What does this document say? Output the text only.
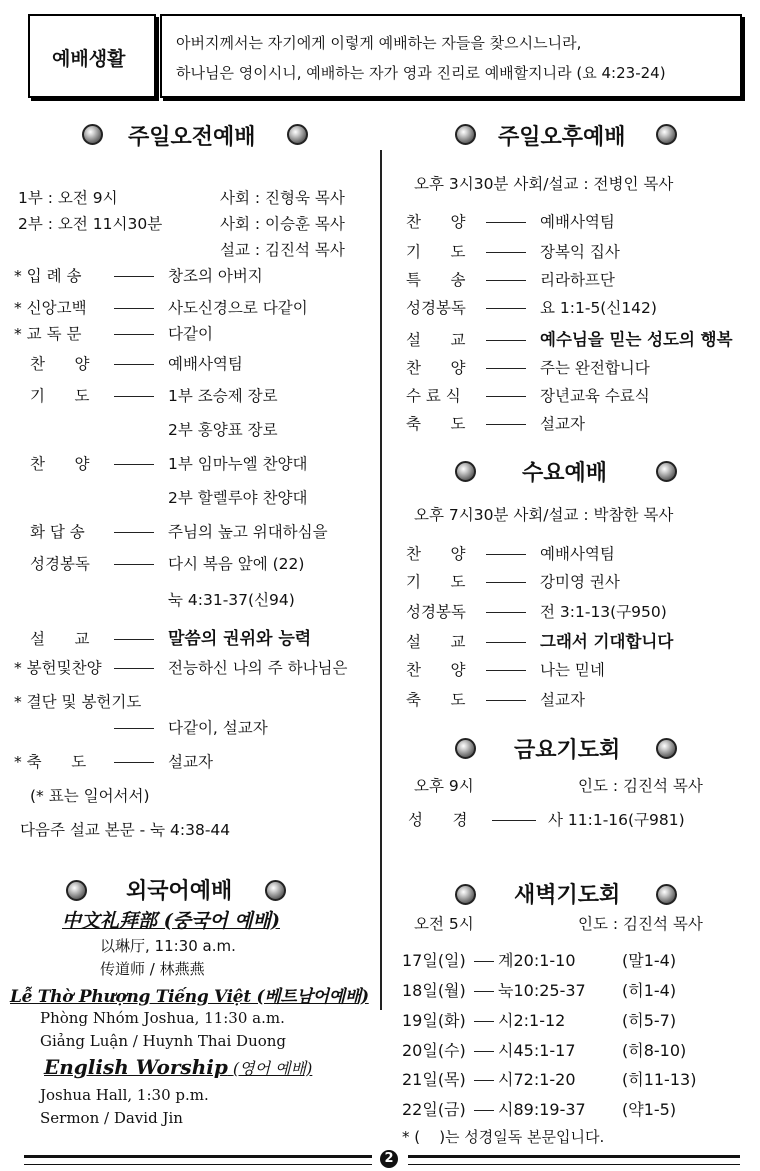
예배생활
아버지께서는 자기에게 이렇게 예배하는 자들을 찾으시느니라,
하나님은 영이시니, 예배하는 자가 영과 진리로 예배할지니라 (요 4:23-24)
주일오전예배
1부 : 오전 9시	사회 : 진형욱 목사
2부 : 오전 11시30분	사회 : 이승훈 목사
설교 : 김진석 목사
* 입 례 송	창조의 아버지
* 신앙고백	사도신경으로 다같이
* 교 독 문	다같이
찬      양	예배사역팀
기      도	1부 조승제 장로
2부 홍양표 장로
찬      양	1부 임마누엘 찬양대
2부 할렐루야 찬양대
화 답 송	주님의 높고 위대하심을
성경봉독	다시 복음 앞에 (22)
눅 4:31-37(신94)
설      교	말씀의 권위와 능력
* 봉헌및찬양	전능하신 나의 주 하나님은
* 결단 및 봉헌기도
다같이, 설교자
* 축      도	설교자
(* 표는 일어서서)
다음주 설교 본문 - 눅 4:38-44
외국어예배
中文礼拜部 (중국어 예배)
以琳厅, 11:30 a.m.
传道师 / 林燕燕
Lễ Thờ Phượng Tiếng Việt (베트남어예배)
Phòng Nhóm Joshua, 11:30 a.m.
Giảng Luận / Huynh Thai Duong
English Worship (영어 예배)
Joshua Hall, 1:30 p.m.
Sermon / David Jin
주일오후예배
오후 3시30분 사회/설교 : 전병인 목사
찬      양	예배사역팀
기      도	장복익 집사
특      송	리라하프단
성경봉독	요 1:1-5(신142)
설      교	예수님을 믿는 성도의 행복
찬      양	주는 완전합니다
수 료 식	장년교육 수료식
축      도	설교자
수요예배
오후 7시30분 사회/설교 : 박참한 목사
찬      양	예배사역팀
기      도	강미영 권사
성경봉독	전 3:1-13(구950)
설      교	그래서 기대합니다
찬      양	나는 믿네
축      도	설교자
금요기도회
오후 9시	인도 : 김진석 목사
성      경	사 11:1-16(구981)
새벽기도회
오전 5시	인도 : 김진석 목사
17일(일) 계20:1-10	(말1-4)
18일(월) 눅10:25-37 (히1-4)
19일(화) 시2:1-12	(히5-7)
20일(수) 시45:1-17	(히8-10)
21일(목) 시72:1-20	(히11-13)
22일(금) 시89:19-37 (약1-5)
* (    )는 성경일독 본문입니다.
2
